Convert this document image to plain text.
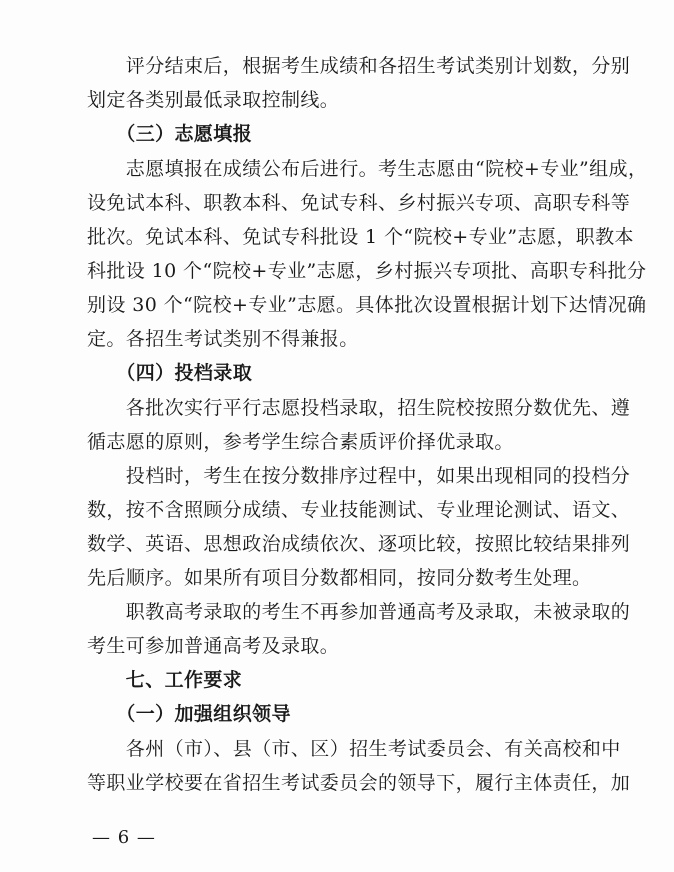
　　评分结束后，根据考生成绩和各招生考试类别计划数，分别
划定各类别最低录取控制线。
　　（三）志愿填报
　　志愿填报在成绩公布后进行。考生志愿由“院校+专业”组成，
设免试本科、职教本科、免试专科、乡村振兴专项、高职专科等
批次。免试本科、免试专科批设 1 个“院校+专业”志愿，职教本
科批设 10 个“院校+专业”志愿，乡村振兴专项批、高职专科批分
别设 30 个“院校+专业”志愿。具体批次设置根据计划下达情况确
定。各招生考试类别不得兼报。
　　（四）投档录取
　　各批次实行平行志愿投档录取，招生院校按照分数优先、遵
循志愿的原则，参考学生综合素质评价择优录取。
　　投档时，考生在按分数排序过程中，如果出现相同的投档分
数，按不含照顾分成绩、专业技能测试、专业理论测试、语文、
数学、英语、思想政治成绩依次、逐项比较，按照比较结果排列
先后顺序。如果所有项目分数都相同，按同分数考生处理。
　　职教高考录取的考生不再参加普通高考及录取，未被录取的
考生可参加普通高考及录取。
　　七、工作要求
　　（一）加强组织领导
　　各州（市）、县（市、区）招生考试委员会、有关高校和中
等职业学校要在省招生考试委员会的领导下，履行主体责任，加
— 6 —
